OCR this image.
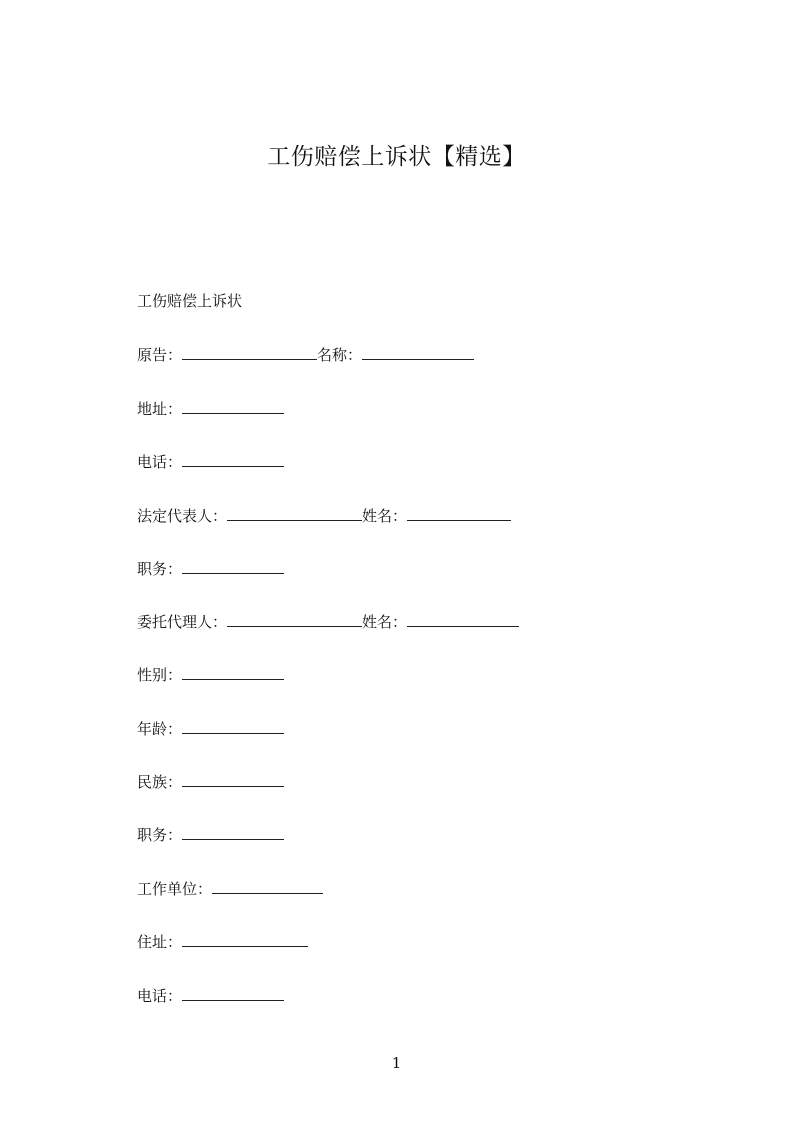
工伤赔偿上诉状【精选】
工伤赔偿上诉状
原告：	名称：
地址：
电话：
法定代表人：	姓名：
职务：
委托代理人：	姓名：
性别：
年龄：
民族：
职务：
工作单位：
住址：
电话：
1
